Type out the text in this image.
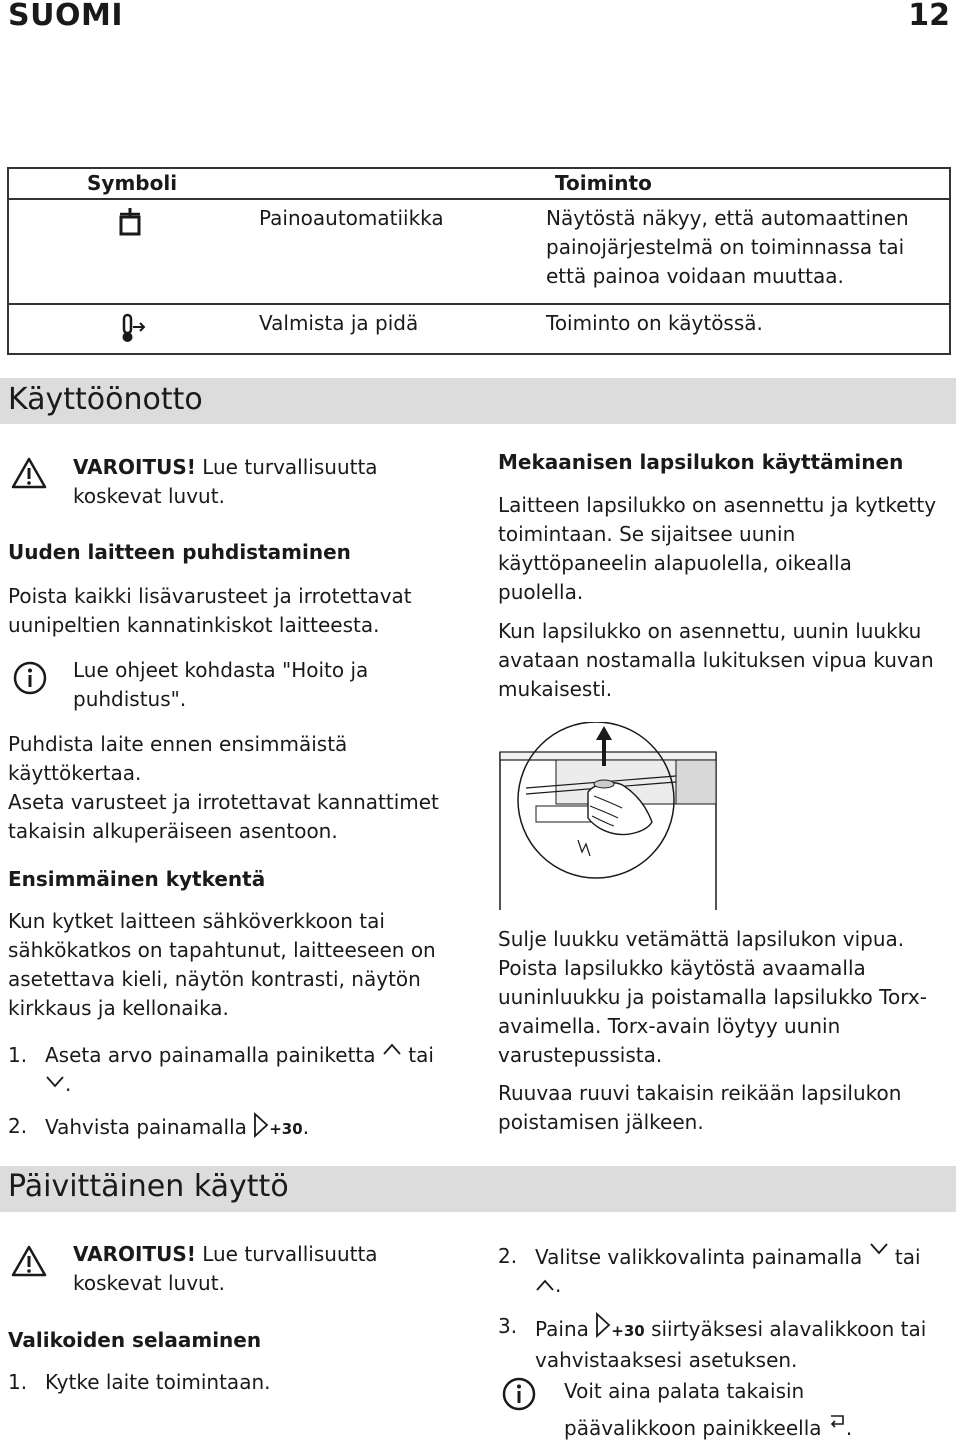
SUOMI	12
Symboli	Toiminto
Painoautomatiikka	Näytöstä näkyy, että automaattinen
painojärjestelmä on toiminnassa tai
että painoa voidaan muuttaa.
Valmista ja pidä	Toiminto on käytössä.
Käyttöönotto
VAROITUS! Lue turvallisuutta
koskevat luvut.
Uuden laitteen puhdistaminen
Poista kaikki lisävarusteet ja irrotettavat
uunipeltien kannatinkiskot laitteesta.
Lue ohjeet kohdasta "Hoito ja
puhdistus".
Puhdista laite ennen ensimmäistä
käyttökertaa.
Aseta varusteet ja irrotettavat kannattimet
takaisin alkuperäiseen asentoon.
Ensimmäinen kytkentä
Kun kytket laitteen sähköverkkoon tai
sähkökatkos on tapahtunut, laitteeseen on
asetettava kieli, näytön kontrasti, näytön
kirkkaus ja kellonaika.
1. Aseta arvo painamalla painiketta tai
.
2. Vahvista painamalla +30.
Mekaanisen lapsilukon käyttäminen
Laitteen lapsilukko on asennettu ja kytketty
toimintaan. Se sijaitsee uunin
käyttöpaneelin alapuolella, oikealla
puolella.
Kun lapsilukko on asennettu, uunin luukku
avataan nostamalla lukituksen vipua kuvan
mukaisesti.
Sulje luukku vetämättä lapsilukon vipua.
Poista lapsilukko käytöstä avaamalla
uuninluukku ja poistamalla lapsilukko Torx-
avaimella. Torx-avain löytyy uunin
varustepussista.
Ruuvaa ruuvi takaisin reikään lapsilukon
poistamisen jälkeen.
Päivittäinen käyttö
VAROITUS! Lue turvallisuutta
koskevat luvut.
Valikoiden selaaminen
1. Kytke laite toimintaan.
2. Valitse valikkovalinta painamalla tai
.
3. Paina +30 siirtyäksesi alavalikkoon tai
vahvistaaksesi asetuksen.
Voit aina palata takaisin
päävalikkoon painikkeella .
